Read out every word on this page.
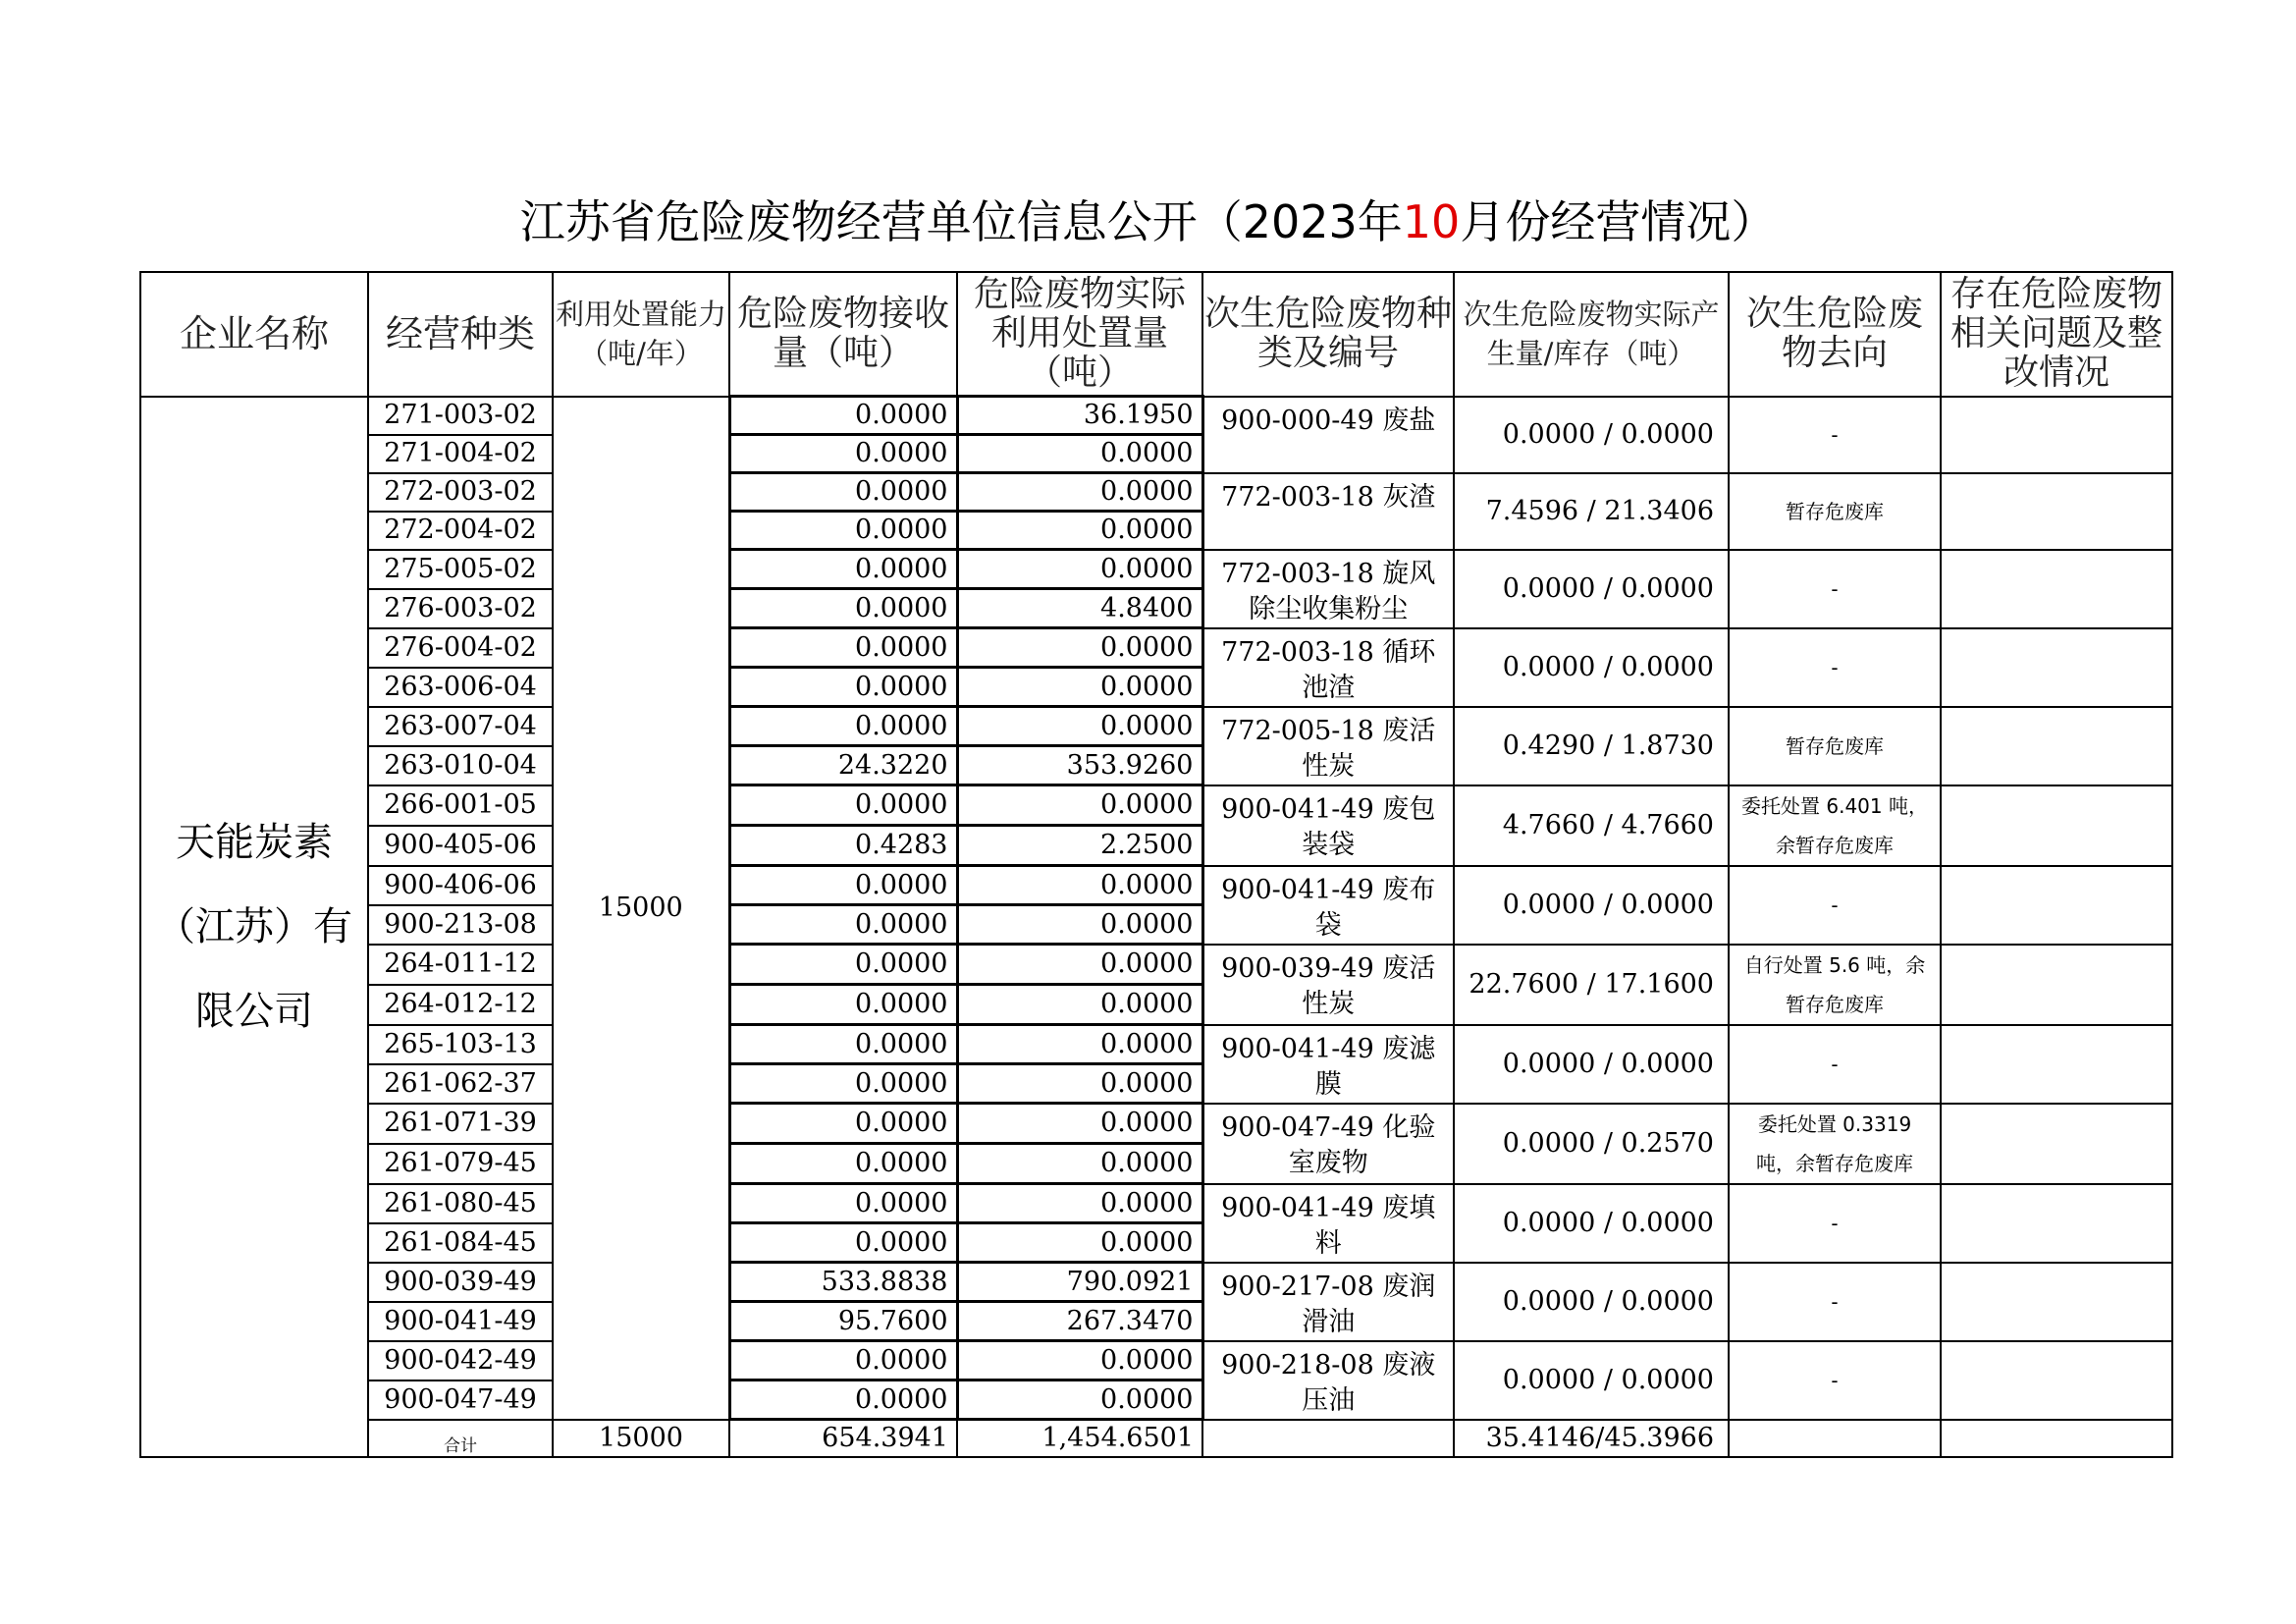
江苏省危险废物经营单位信息公开（2023年10月份经营情况）
企业名称	经营种类	利用处置能力（吨/年）	危险废物接收量（吨）	危险废物实际利用处置量（吨）	次生危险废物种类及编号	次生危险废物实际产生量/库存（吨）	次生危险废物去向	存在危险废物相关问题及整改情况
天能炭素（江苏）有限公司	271-003-02	15000	0.0000	36.1950	900-000-49 废盐	0.0000 / 0.0000	-	
	271-004-02		0.0000	0.0000				
	272-003-02		0.0000	0.0000	772-003-18 灰渣	7.4596 / 21.3406	暂存危废库	
	272-004-02		0.0000	0.0000				
	275-005-02		0.0000	0.0000	772-003-18 旋风除尘收集粉尘	0.0000 / 0.0000	-	
	276-003-02		0.0000	4.8400				
	276-004-02		0.0000	0.0000	772-003-18 循环池渣	0.0000 / 0.0000	-	
	263-006-04		0.0000	0.0000				
	263-007-04		0.0000	0.0000	772-005-18 废活性炭	0.4290 / 1.8730	暂存危废库	
	263-010-04		24.3220	353.9260				
	266-001-05		0.0000	0.0000	900-041-49 废包装袋	4.7660 / 4.7660	委托处置 6.401 吨，余暂存危废库	
	900-405-06		0.4283	2.2500				
	900-406-06		0.0000	0.0000	900-041-49 废布袋	0.0000 / 0.0000	-	
	900-213-08		0.0000	0.0000				
	264-011-12		0.0000	0.0000	900-039-49 废活性炭	22.7600 / 17.1600	自行处置 5.6 吨，余暂存危废库	
	264-012-12		0.0000	0.0000				
	265-103-13		0.0000	0.0000	900-041-49 废滤膜	0.0000 / 0.0000	-	
	261-062-37		0.0000	0.0000				
	261-071-39		0.0000	0.0000	900-047-49 化验室废物	0.0000 / 0.2570	委托处置 0.3319 吨，余暂存危废库	
	261-079-45		0.0000	0.0000				
	261-080-45		0.0000	0.0000	900-041-49 废填料	0.0000 / 0.0000	-	
	261-084-45		0.0000	0.0000				
	900-039-49		533.8838	790.0921	900-217-08 废润滑油	0.0000 / 0.0000	-	
	900-041-49		95.7600	267.3470				
	900-042-49		0.0000	0.0000	900-218-08 废液压油	0.0000 / 0.0000	-	
	900-047-49		0.0000	0.0000				
	合计	15000	654.3941	1,454.6501		35.4146/45.3966		
